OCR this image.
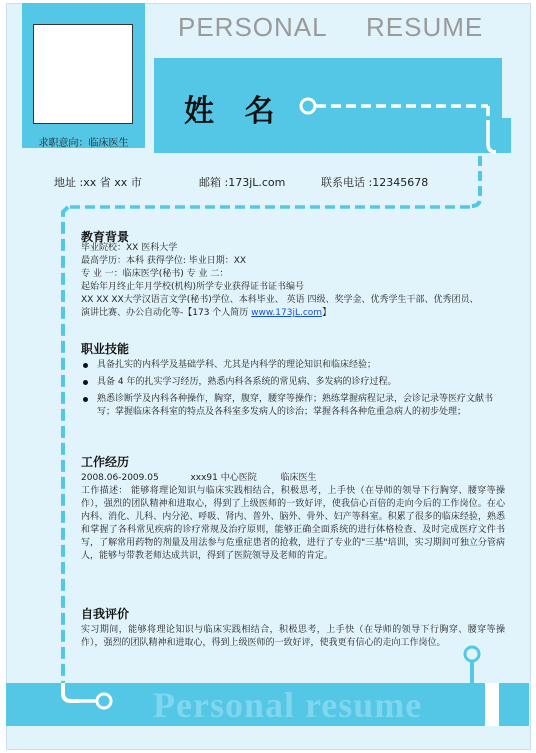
求职意向：临床医生
PERSONAL RESUME
姓 名
地址 :xx 省 xx 市	邮箱 :173jL.com	联系电话 :12345678
教育背景
毕业院校：XX 医科大学
最高学历：本科 获得学位: 毕业日期：XX
专 业 一：临床医学(秘书) 专 业 二：
起始年月终止年月学校(机构)所学专业获得证书证书编号
XX XX XX大学汉语言文学(秘书)学位、本科毕业、 英语 四级、奖学金、优秀学生干部、优秀团员、
演讲比赛、办公自动化等-【173 个人简历 www.173jL.com】
职业技能
具备扎实的内科学及基础学科、尤其是内科学的理论知识和临床经验；
具备 4 年的扎实学习经历，熟悉内科各系统的常见病、多发病的诊疗过程。
熟悉诊断学及内科各种操作，胸穿，腹穿，腰穿等操作；熟练掌握病程记录，会诊记录等医疗文献书写；掌握临床各科室的特点及各科室多发病人的诊治；掌握各科各种危重急病人的初步处理；
工作经历
2008.06-2009.05	xxx91 中心医院	临床医生
工作描述： 能够将理论知识与临床实践相结合，积极思考，上手快（在导师的领导下行胸穿、腰穿等操作），强烈的团队精神和进取心，得到了上级医师的一致好评，使我信心百倍的走向今后的工作岗位。在心内科、消化、儿科、内分泌、呼吸、肾内、普外、脑外、骨外、妇产等科室。积累了很多的临床经验，熟悉和掌握了各科常见疾病的诊疗常规及治疗原则，能够正确全面系统的进行体格检查、及时完成医疗文件书写，了解常用药物的剂量及用法参与危重症患者的抢救，进行了专业的"三基"培训，实习期间可独立分管病人，能够与带教老师达成共识，得到了医院领导及老师的肯定。
自我评价
实习期间，能够将理论知识与临床实践相结合，积极思考，上手快（在导师的领导下行胸穿、腰穿等操作），强烈的团队精神和进取心，得到上级医师的一致好评，使我更有信心的走向工作岗位。
Personal resume
